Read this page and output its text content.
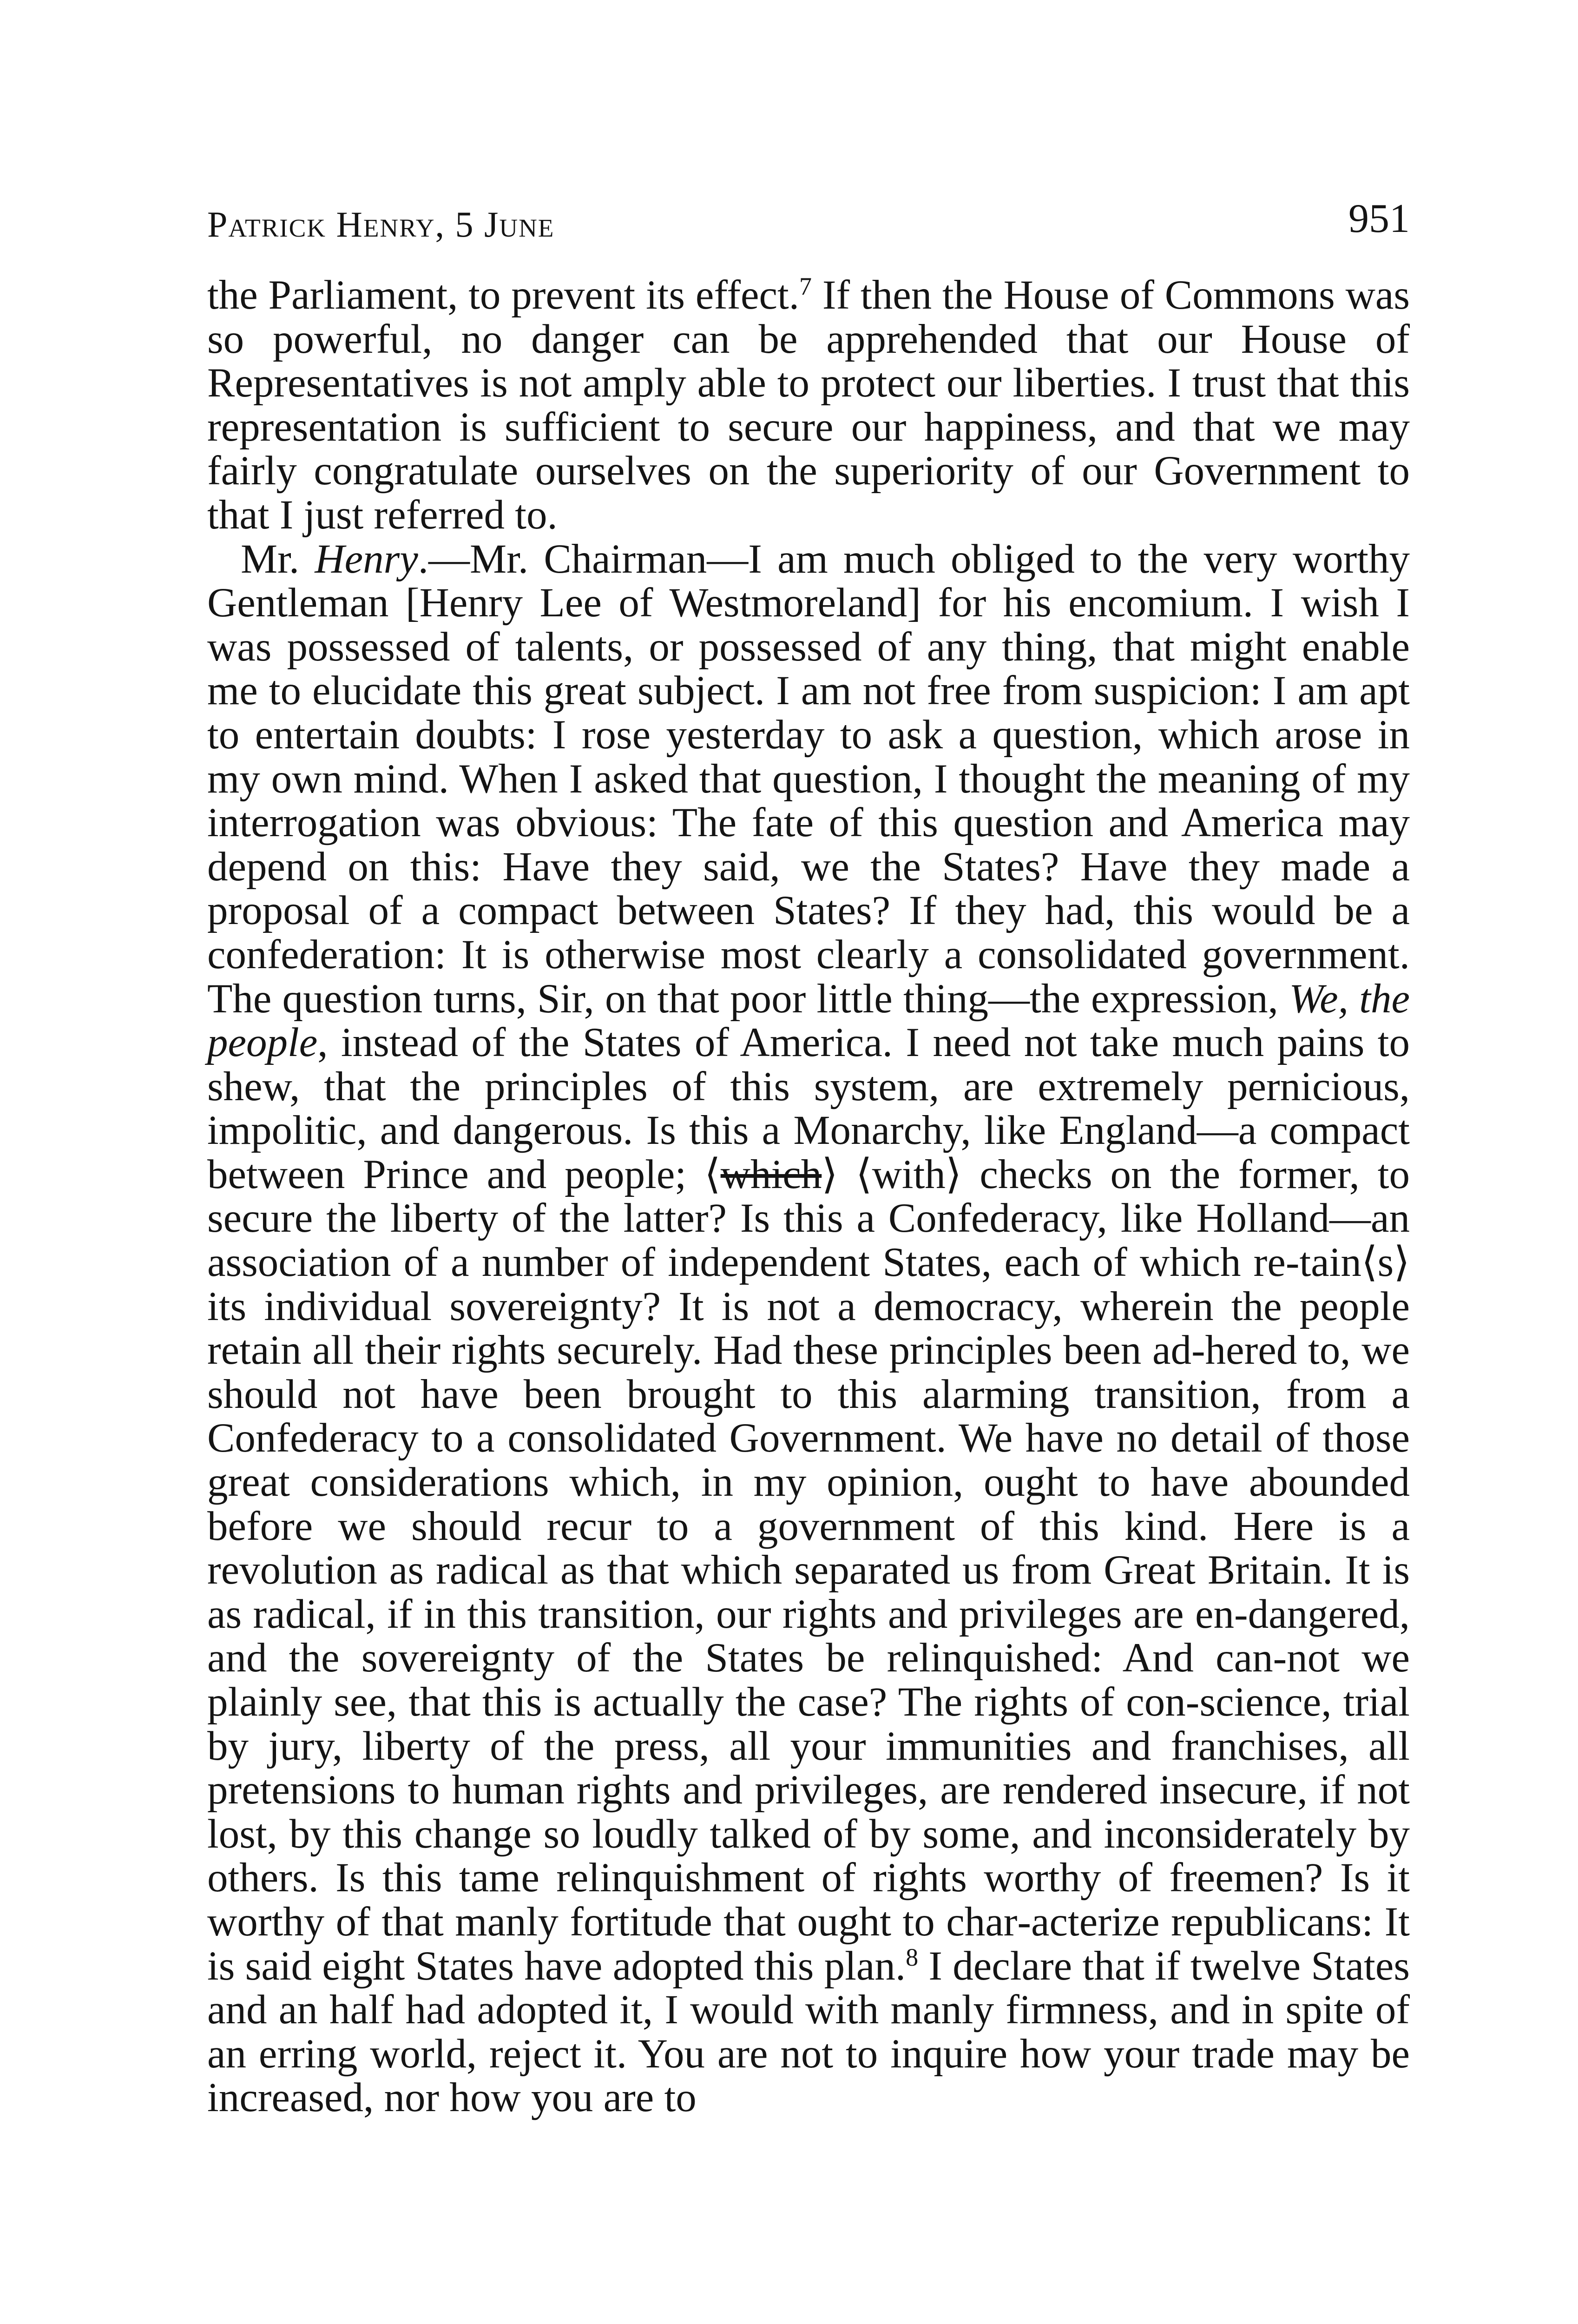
Patrick Henry, 5 June	951

the Parliament, to prevent its effect.$^7$ If then the House of Commons was so powerful, no danger can be apprehended that our House of Representatives is not amply able to protect our liberties. I trust that this representation is sufficient to secure our happiness, and that we may fairly congratulate ourselves on the superiority of our Government to that I just referred to.

Mr. Henry.—Mr. Chairman—I am much obliged to the very worthy Gentleman [Henry Lee of Westmoreland] for his encomium. I wish I was possessed of talents, or possessed of any thing, that might enable me to elucidate this great subject. I am not free from suspicion: I am apt to entertain doubts: I rose yesterday to ask a question, which arose in my own mind. When I asked that question, I thought the meaning of my interrogation was obvious: The fate of this question and America may depend on this: Have they said, we the States? Have they made a proposal of a compact between States? If they had, this would be a confederation: It is otherwise most clearly a consolidated government. The question turns, Sir, on that poor little thing—the expression, We, the people, instead of the States of America. I need not take much pains to shew, that the principles of this system, are extremely pernicious, impolitic, and dangerous. Is this a Monarchy, like England—a compact between Prince and people; ⟨which⟩ ⟨with⟩ checks on the former, to secure the liberty of the latter? Is this a Confederacy, like Holland—an association of a number of independent States, each of which re‑tain⟨s⟩ its individual sovereignty? It is not a democracy, wherein the people retain all their rights securely. Had these principles been ad‑hered to, we should not have been brought to this alarming transition, from a Confederacy to a consolidated Government. We have no detail of those great considerations which, in my opinion, ought to have abounded before we should recur to a government of this kind. Here is a revolution as radical as that which separated us from Great Britain. It is as radical, if in this transition, our rights and privileges are en‑dangered, and the sovereignty of the States be relinquished: And can‑not we plainly see, that this is actually the case? The rights of con‑science, trial by jury, liberty of the press, all your immunities and franchises, all pretensions to human rights and privileges, are rendered insecure, if not lost, by this change so loudly talked of by some, and inconsiderately by others. Is this tame relinquishment of rights worthy of freemen? Is it worthy of that manly fortitude that ought to char‑acterize republicans: It is said eight States have adopted this plan.$^8$ I declare that if twelve States and an half had adopted it, I would with manly firmness, and in spite of an erring world, reject it. You are not to inquire how your trade may be increased, nor how you are to
